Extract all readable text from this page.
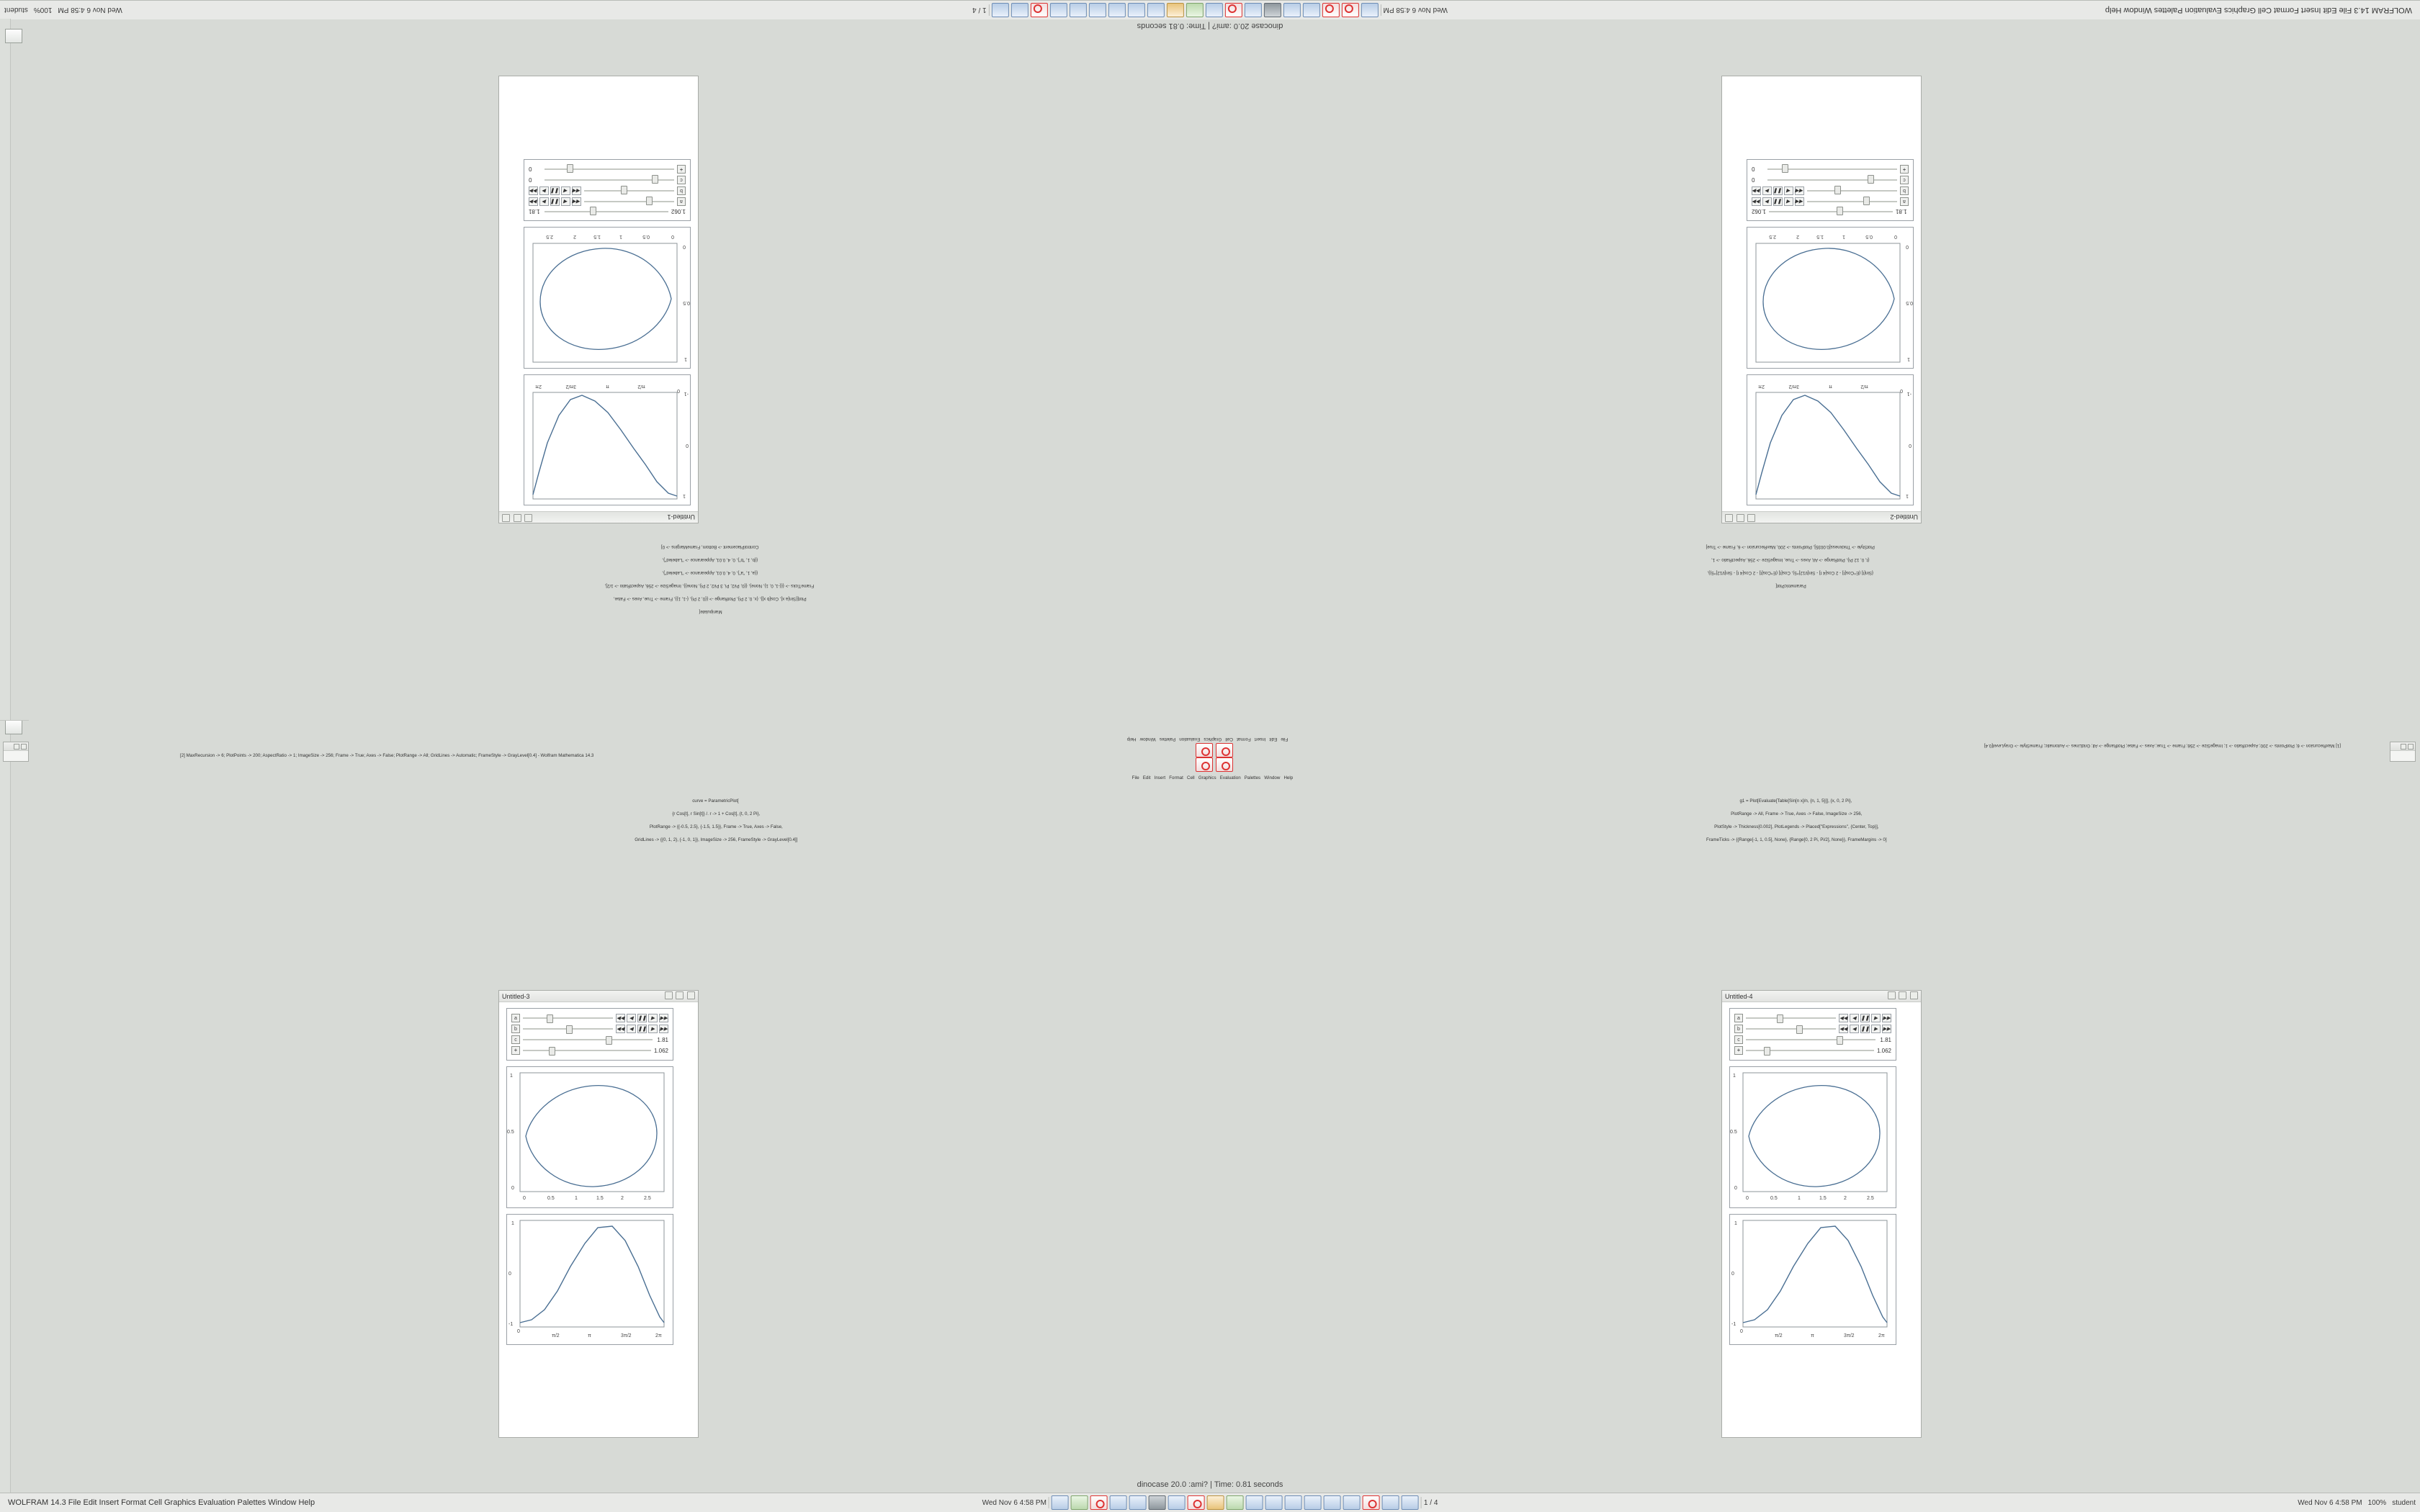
WOLFRAM 14.3 File Edit Insert Format Cell Graphics Evaluation Palettes Window Help
Wed Nov 6 4:58 PM
1 / 4
Wed Nov 6 4:58 PM
100%
student
dinocase 20.0 :ami? | Time: 0.81 seconds
Untitled-1

0
π/2
π
3π/2
2π
1
0
-1
0
0.5
1
1.5
2
2.5
1
0.5
0
1.062
1.81
a
◀◀
◀
❚❚
▶
▶▶
b
◀◀
◀
❚❚
▶
▶▶
c
0
+
0
Untitled-2

0
π/2
π
3π/2
2π
1
0
-1
0
0.5
1
1.5
2
2.5
1
0.5
0
1.81
1.062
a
◀◀
◀
❚❚
▶
▶▶
b
◀◀
◀
❚❚
▶
▶▶
c
0
+
0

Manipulate[

Plot[{Sin[a x], Cos[b x]}, {x, 0, 2 Pi}, PlotRange -> {{0, 2 Pi}, {-1, 1}}, Frame -> True, Axes -> False,

FrameTicks -> {{{-1, 0, 1}, None}, {{0, Pi/2, Pi, 3 Pi/2, 2 Pi}, None}}, ImageSize -> 256, AspectRatio -> 1/2],

{{a, 1, "a"}, 0, 4, 0.01, Appearance -> "Labeled"},

{{b, 1, "b"}, 0, 4, 0.01, Appearance -> "Labeled"},

ControlPlacement -> Bottom, FrameMargins -> 0]

ParametricPlot[

{Sin[t] (E^Cos[t] - 2 Cos[4 t] - Sin[t/12]^5), Cos[t] (E^Cos[t] - 2 Cos[4 t] - Sin[t/12]^5)},

{t, 0, 12 Pi}, PlotRange -> All, Axes -> True, ImageSize -> 256, AspectRatio -> 1,

PlotStyle -> Thickness[0.0035], PlotPoints -> 200, MaxRecursion -> 6, Frame -> True]

File   Edit   Insert   Format   Cell   Graphics   Evaluation   Palettes   Window   Help

[1] MaxRecursion -> 6; PlotPoints -> 200; AspectRatio -> 1; ImageSize -> 256; Frame -> True; Axes -> False; PlotRange -> All; GridLines -> Automatic; FrameStyle -> GrayLevel[0.4]
[2] MaxRecursion -> 6; PlotPoints -> 200; AspectRatio -> 1; ImageSize -> 256; Frame -> True; Axes -> False; PlotRange -> All; GridLines -> Automatic; FrameStyle -> GrayLevel[0.4] - Wolfram Mathematica 14.3

File   Edit   Insert   Format   Cell   Graphics   Evaluation   Palettes   Window   Help

curve = ParametricPlot[

{r Cos[t], r Sin[t]} /. r -> 1 + Cos[t], {t, 0, 2 Pi},

PlotRange -> {{-0.5, 2.5}, {-1.5, 1.5}}, Frame -> True, Axes -> False,

GridLines -> {{0, 1, 2}, {-1, 0, 1}}, ImageSize -> 256, FrameStyle -> GrayLevel[0.4]]

g1 = Plot[Evaluate[Table[Sin[n x]/n, {n, 1, 5}]], {x, 0, 2 Pi},

PlotRange -> All, Frame -> True, Axes -> False, ImageSize -> 256,

PlotStyle -> Thickness[0.002], PlotLegends -> Placed["Expressions", {Center, Top}],

FrameTicks -> {{Range[-1, 1, 0.5], None}, {Range[0, 2 Pi, Pi/2], None}}, FrameMargins -> 0]

Untitled-3

a	◀◀ ◀ ❚❚ ▶ ▶▶
b	◀◀ ◀ ❚❚ ▶ ▶▶
c	1.81
+	1.062
0	0.5	1	1.5	2	2.5
1
0.5
0
0
π/2	π	3π/2	2π
1
0
-1
Untitled-4

a	◀◀ ◀ ❚❚ ▶ ▶▶
b	◀◀ ◀ ❚❚ ▶ ▶▶
c	1.81
+	1.062
0	0.5	1	1.5	2	2.5
1
0.5
0
0
π/2	π	3π/2	2π
1
0
-1
dinocase 20.0 :ami? | Time: 0.81 seconds
WOLFRAM 14.3 File Edit Insert Format Cell Graphics Evaluation Palettes Window Help	Wed Nov 6 4:58 PM	1 / 4	Wed Nov 6 4:58 PM 100% student
